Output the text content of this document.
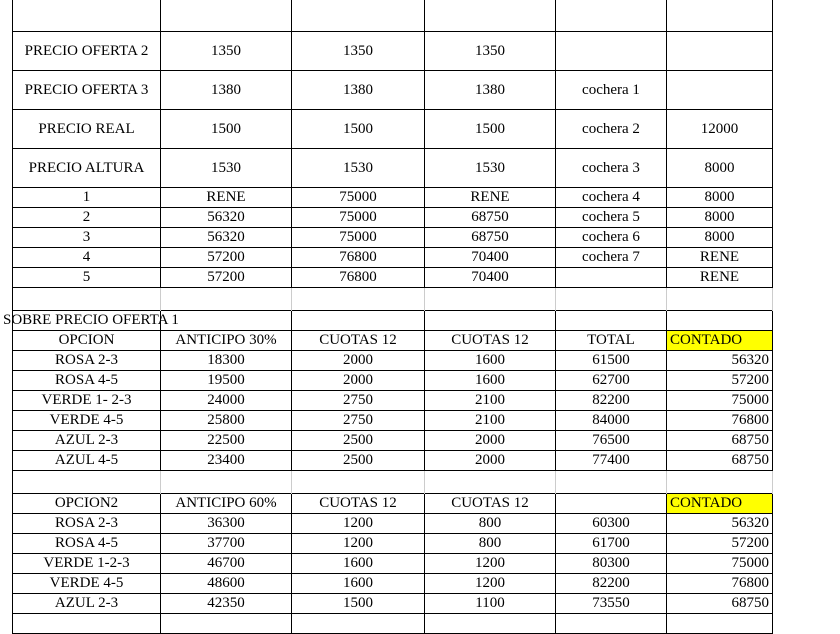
PRECIO OFERTA 2	1350	1350	1350		
PRECIO OFERTA 3	1380	1380	1380	cochera 1	
PRECIO REAL	1500	1500	1500	cochera 2	12000
PRECIO ALTURA	1530	1530	1530	cochera 3	8000
1	RENE	75000	RENE	cochera 4	8000
2	56320	75000	68750	cochera 5	8000
3	56320	75000	68750	cochera 6	8000
4	57200	76800	70400	cochera 7	RENE
5	57200	76800	70400		RENE

SOBRE PRECIO OFERTA 1					

OPCION	ANTICIPO 30%	CUOTAS 12	CUOTAS 12	TOTAL	CONTADO
ROSA 2-3	18300	2000	1600	61500	56320
ROSA 4-5	19500	2000	1600	62700	57200
VERDE 1- 2-3	24000	2750	2100	82200	75000
VERDE 4-5	25800	2750	2100	84000	76800
AZUL 2-3	22500	2500	2000	76500	68750
AZUL 4-5	23400	2500	2000	77400	68750

OPCION2	ANTICIPO 60%	CUOTAS 12	CUOTAS 12		CONTADO
ROSA 2-3	36300	1200	800	60300	56320
ROSA 4-5	37700	1200	800	61700	57200
VERDE 1-2-3	46700	1600	1200	80300	75000
VERDE 4-5	48600	1600	1200	82200	76800
AZUL 2-3	42350	1500	1100	73550	68750
